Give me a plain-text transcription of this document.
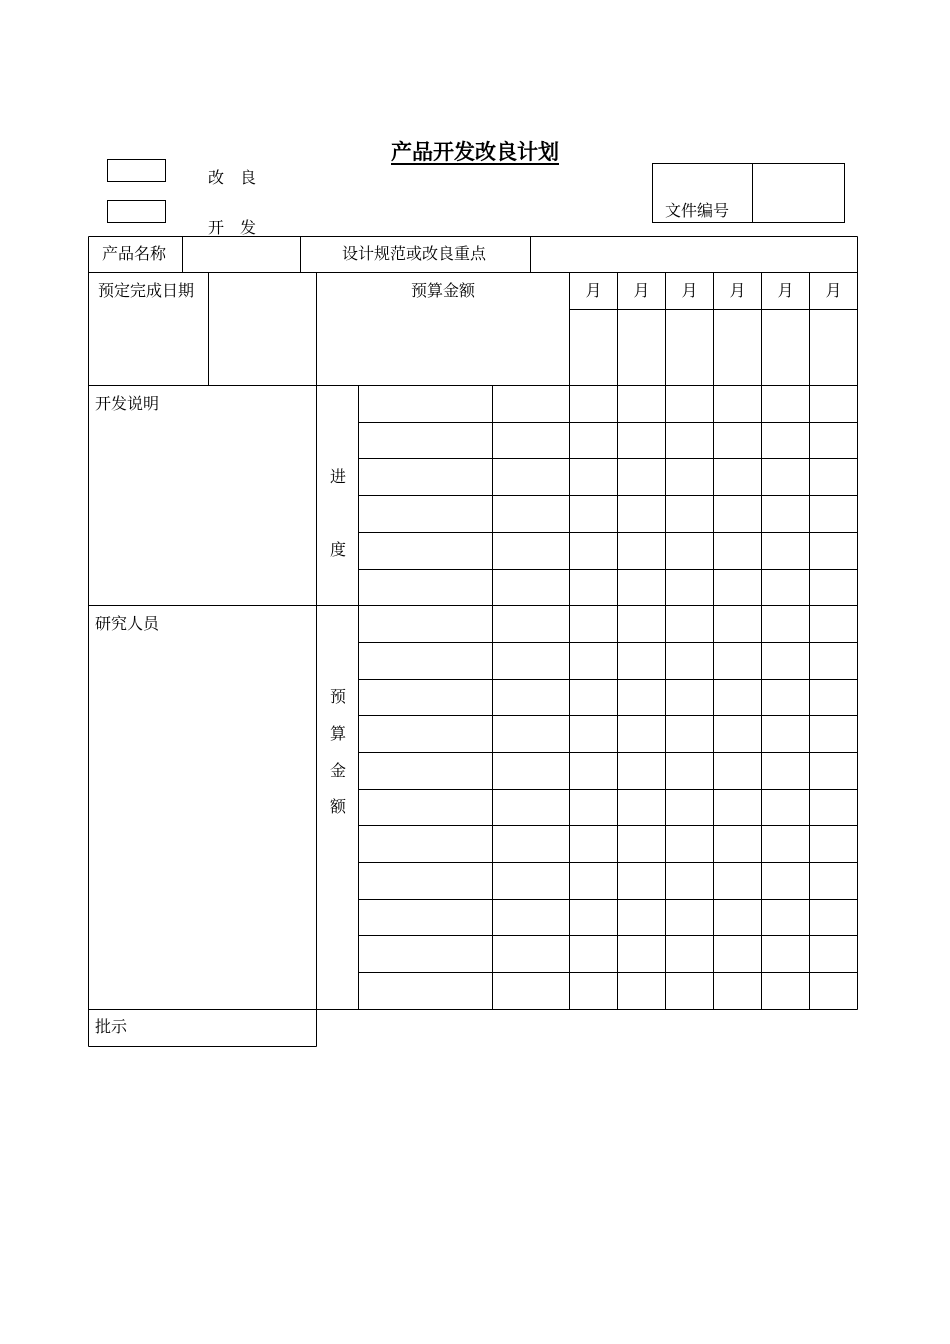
产品开发改良计划
改　良
开　发
文件编号
产品名称	设计规范或改良重点
预定完成日期	预算金额	月	月	月	月	月	月
开发说明
进
度
研究人员
预
算
金
额
批示
